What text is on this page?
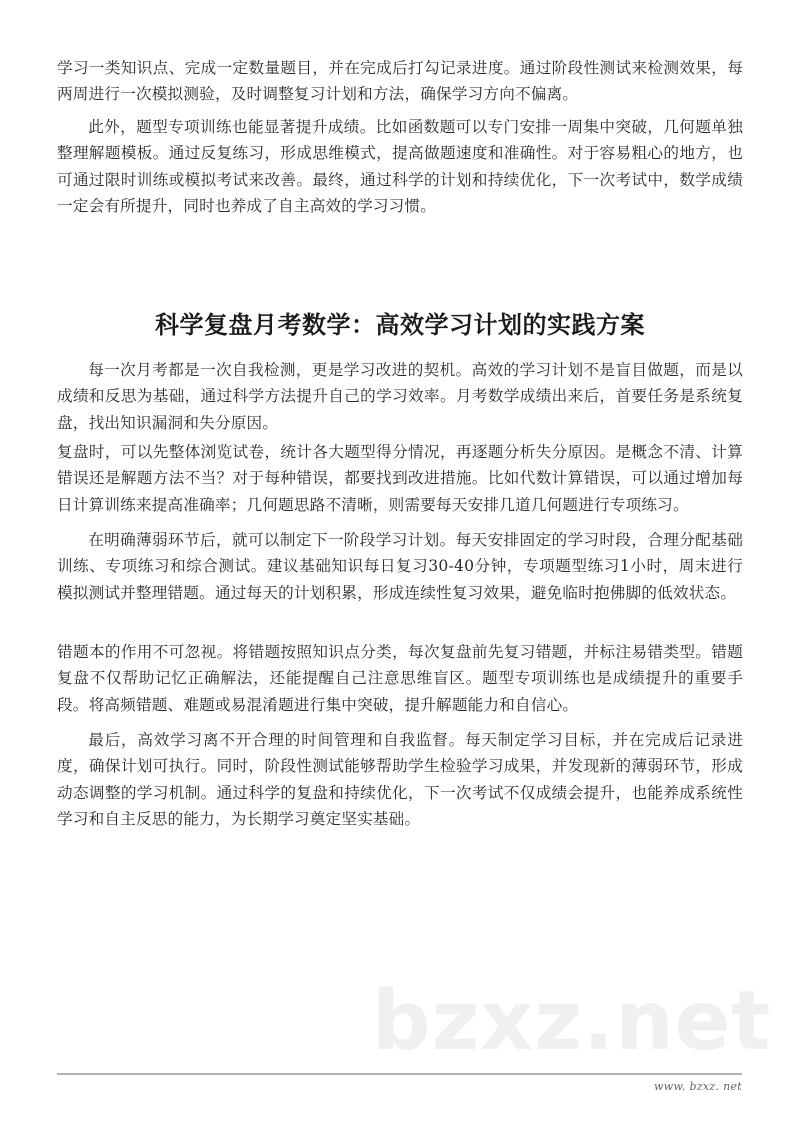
学习一类知识点、完成一定数量题目，并在完成后打勾记录进度。通过阶段性测试来检测效果，每两周进行一次模拟测验，及时调整复习计划和方法，确保学习方向不偏离。

此外，题型专项训练也能显著提升成绩。比如函数题可以专门安排一周集中突破，几何题单独整理解题模板。通过反复练习，形成思维模式，提高做题速度和准确性。对于容易粗心的地方，也可通过限时训练或模拟考试来改善。最终，通过科学的计划和持续优化，下一次考试中，数学成绩一定会有所提升，同时也养成了自主高效的学习习惯。

科学复盘月考数学：高效学习计划的实践方案

每一次月考都是一次自我检测，更是学习改进的契机。高效的学习计划不是盲目做题，而是以成绩和反思为基础，通过科学方法提升自己的学习效率。月考数学成绩出来后，首要任务是系统复盘，找出知识漏洞和失分原因。

复盘时，可以先整体浏览试卷，统计各大题型得分情况，再逐题分析失分原因。是概念不清、计算错误还是解题方法不当？对于每种错误，都要找到改进措施。比如代数计算错误，可以通过增加每日计算训练来提高准确率；几何题思路不清晰，则需要每天安排几道几何题进行专项练习。

在明确薄弱环节后，就可以制定下一阶段学习计划。每天安排固定的学习时段，合理分配基础训练、专项练习和综合测试。建议基础知识每日复习30-40分钟，专项题型练习1小时，周末进行模拟测试并整理错题。通过每天的计划积累，形成连续性复习效果，避免临时抱佛脚的低效状态。

错题本的作用不可忽视。将错题按照知识点分类，每次复盘前先复习错题，并标注易错类型。错题复盘不仅帮助记忆正确解法，还能提醒自己注意思维盲区。题型专项训练也是成绩提升的重要手段。将高频错题、难题或易混淆题进行集中突破，提升解题能力和自信心。

最后，高效学习离不开合理的时间管理和自我监督。每天制定学习目标，并在完成后记录进度，确保计划可执行。同时，阶段性测试能够帮助学生检验学习成果，并发现新的薄弱环节，形成动态调整的学习机制。通过科学的复盘和持续优化，下一次考试不仅成绩会提升，也能养成系统性学习和自主反思的能力，为长期学习奠定坚实基础。

bzxz.net
www. bzxz. net
